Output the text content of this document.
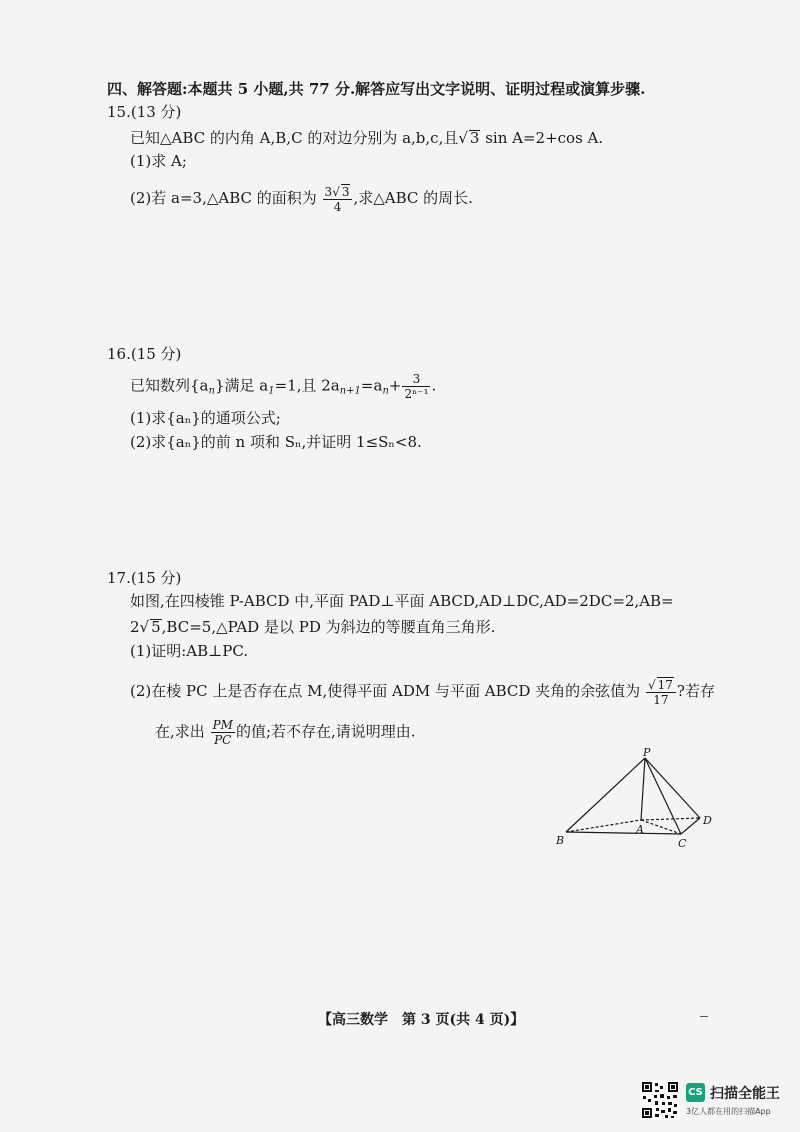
四、解答题:本题共 5 小题,共 77 分.解答应写出文字说明、证明过程或演算步骤.
15.(13 分)
已知△ABC 的内角 A,B,C 的对边分别为 a,b,c,且√ 3 sin A=2+cos A.
(1)求 A;
(2)若 a=3,△ABC 的面积为 $\frac{3√ 3}{4}$ ,求△ABC 的周长.
16.(15 分)
已知数列$\{a_n\}$满足 $a_1=1$,且 $2a_{n+1}=a_n+ \frac{3}{\text{2ⁿ⁻¹}}$ .
(1)求{aₙ}的通项公式;
(2)求{aₙ}的前 n 项和 Sₙ,并证明 1≤Sₙ<8.
17.(15 分)
如图,在四棱锥 P-ABCD 中,平面 PAD⊥平面 ABCD,AD⊥DC,AD=2DC=2,AB=
2√ 5,BC=5,△PAD 是以 PD 为斜边的等腰直角三角形.
(1)证明:AB⊥PC.
(2)在棱 PC 上是否存在点 M,使得平面 ADM 与平面 ABCD 夹角的余弦值为 $\frac{√ 17}{17}$ ?若存
在,求出 $\frac{PM}{PC}$ 的值;若不存在,请说明理由.
P
A
B	C
D
【高三数学　第 3 页(共 4 页)】
CS 扫描全能王
3亿人都在用的扫描App
